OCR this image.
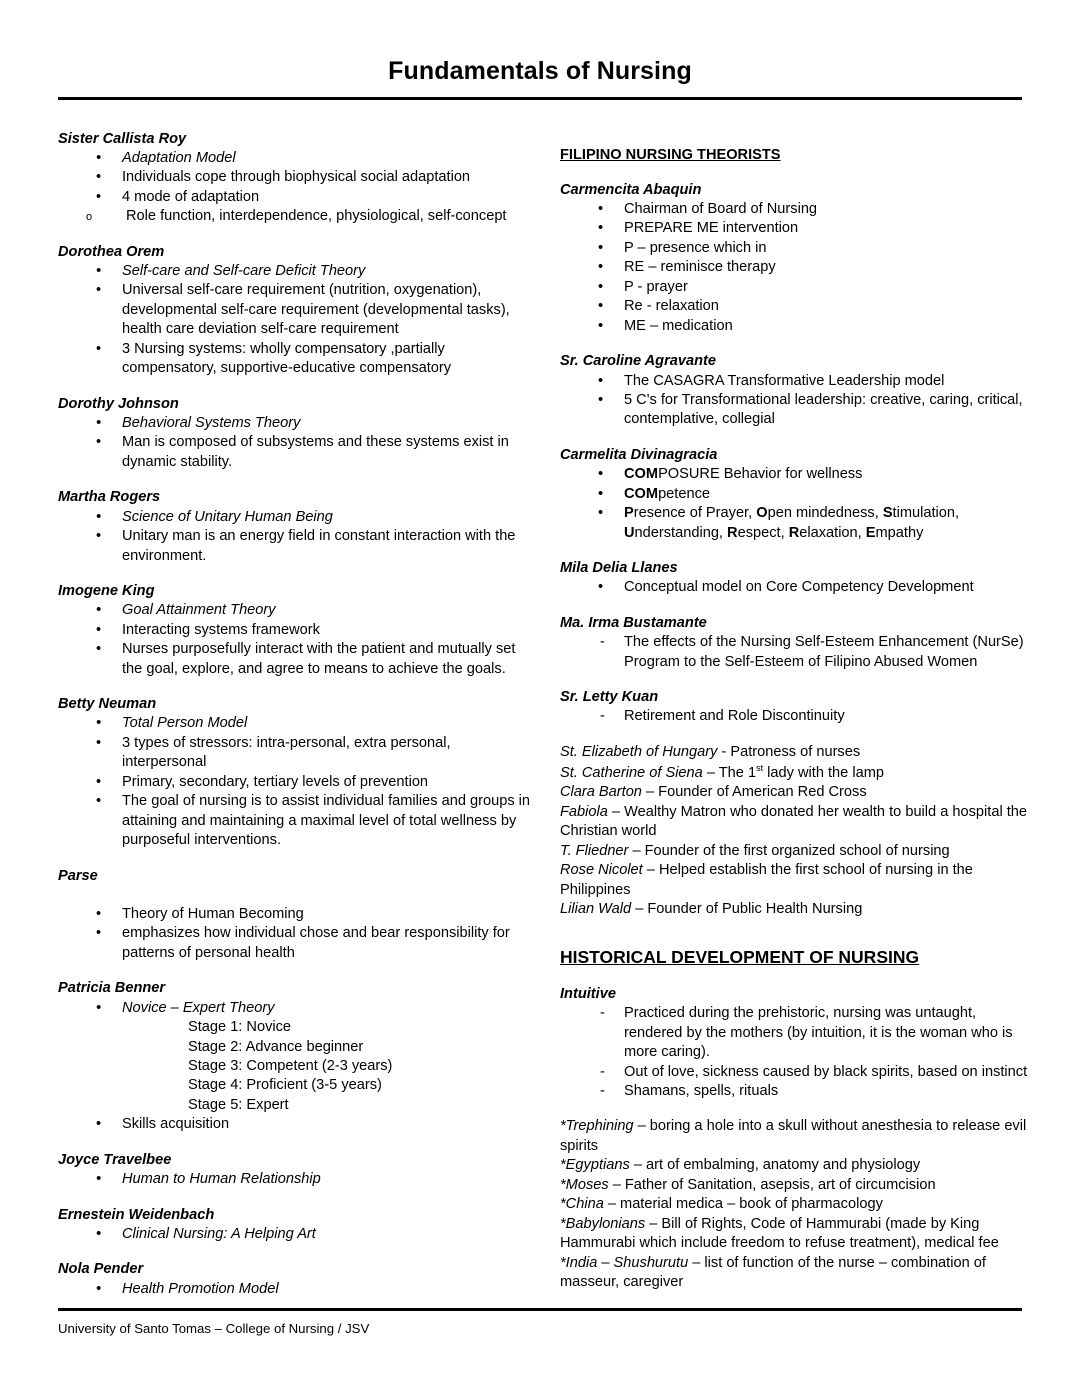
Fundamentals of Nursing
Sister Callista Roy
• Adaptation Model
• Individuals cope through biophysical social adaptation
• 4 mode of adaptation
o Role function, interdependence, physiological, self-concept
Dorothea Orem
• Self-care and Self-care Deficit Theory
• Universal self-care requirement (nutrition, oxygenation), developmental self-care requirement (developmental tasks), health care deviation self-care requirement
• 3 Nursing systems: wholly compensatory ,partially compensatory, supportive-educative compensatory
Dorothy Johnson
• Behavioral Systems Theory
• Man is composed of subsystems and these systems exist in dynamic stability.
Martha Rogers
• Science of Unitary Human Being
• Unitary man is an energy field in constant interaction with the environment.
Imogene King
• Goal Attainment Theory
• Interacting systems framework
• Nurses purposefully interact with the patient and mutually set the goal, explore, and agree to means to achieve the goals.
Betty Neuman
• Total Person Model
• 3 types of stressors: intra-personal, extra personal, interpersonal
• Primary, secondary, tertiary levels of prevention
• The goal of nursing is to assist individual families and groups in attaining and maintaining a maximal level of total wellness by purposeful interventions.
Parse
• Theory of Human Becoming
• emphasizes how individual chose and bear responsibility for patterns of personal health
Patricia Benner
• Novice – Expert Theory
Stage 1: Novice
Stage 2: Advance beginner
Stage 3: Competent (2-3 years)
Stage 4: Proficient (3-5 years)
Stage 5: Expert
• Skills acquisition
Joyce Travelbee
• Human to Human Relationship
Ernestein Weidenbach
• Clinical Nursing: A Helping Art
Nola Pender
• Health Promotion Model
FILIPINO NURSING THEORISTS
Carmencita Abaquin
• Chairman of Board of Nursing
• PREPARE ME intervention
• P – presence which in
• RE – reminisce therapy
• P - prayer
• Re - relaxation
• ME – medication
Sr. Caroline Agravante
• The CASAGRA Transformative Leadership model
• 5 C's for Transformational leadership: creative, caring, critical, contemplative, collegial
Carmelita Divinagracia
• COMPOSURE Behavior for wellness
• COMpetence
• Presence of Prayer, Open mindedness, Stimulation, Understanding, Respect, Relaxation, Empathy
Mila Delia Llanes
• Conceptual model on Core Competency Development
Ma. Irma Bustamante
- The effects of the Nursing Self-Esteem Enhancement (NurSe) Program to the Self-Esteem of Filipino Abused Women
Sr. Letty Kuan
- Retirement and Role Discontinuity
St. Elizabeth of Hungary - Patroness of nurses
St. Catherine of Siena – The 1st lady with the lamp
Clara Barton – Founder of American Red Cross
Fabiola – Wealthy Matron who donated her wealth to build a hospital the Christian world
T. Fliedner – Founder of the first organized school of nursing
Rose Nicolet – Helped establish the first school of nursing in the Philippines
Lilian Wald – Founder of Public Health Nursing
HISTORICAL DEVELOPMENT OF NURSING
Intuitive
- Practiced during the prehistoric, nursing was untaught, rendered by the mothers (by intuition, it is the woman who is more caring).
- Out of love, sickness caused by black spirits, based on instinct
- Shamans, spells, rituals
*Trephining – boring a hole into a skull without anesthesia to release evil spirits
*Egyptians – art of embalming, anatomy and physiology
*Moses – Father of Sanitation, asepsis, art of circumcision
*China – material medica – book of pharmacology
*Babylonians – Bill of Rights, Code of Hammurabi (made by King Hammurabi which include freedom to refuse treatment), medical fee
*India – Shushurutu – list of function of the nurse – combination of masseur, caregiver
University of Santo Tomas – College of Nursing / JSV
